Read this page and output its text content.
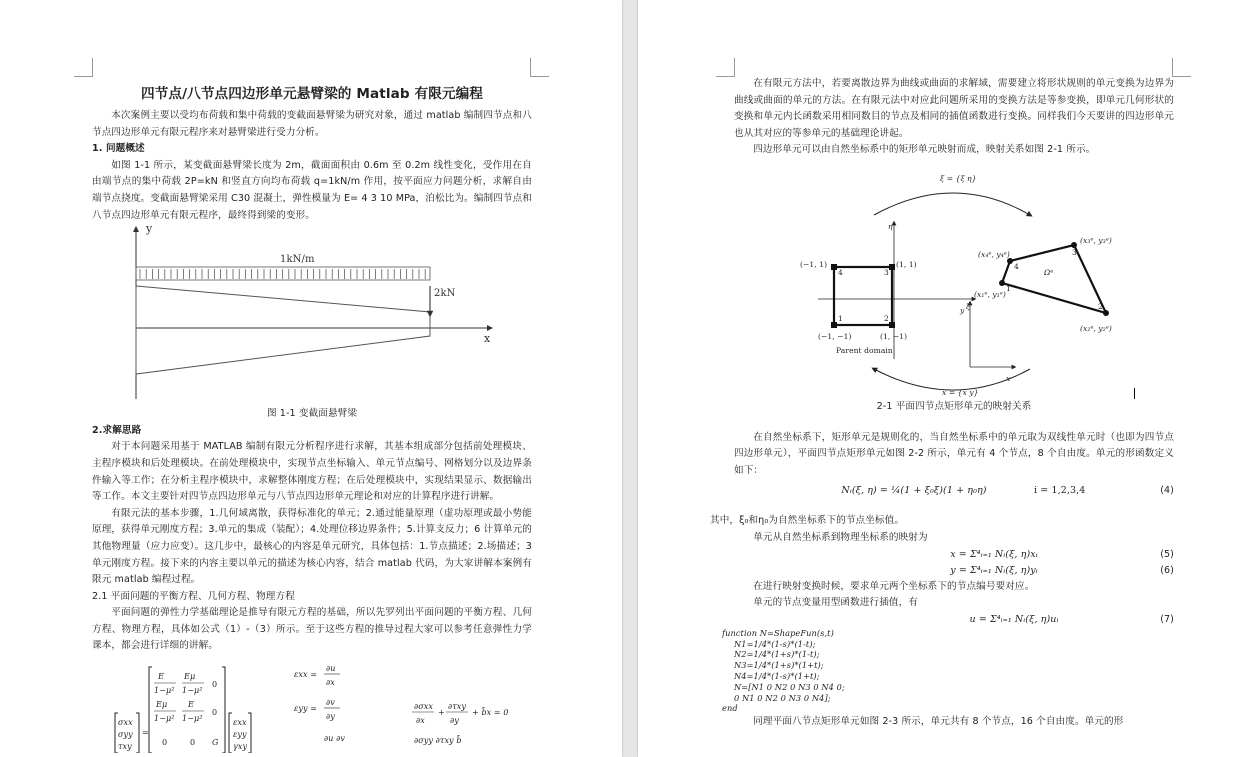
四节点/八节点四边形单元悬臂梁的 Matlab 有限元编程

本次案例主要以受均布荷载和集中荷载的变截面悬臂梁为研究对象，通过 matlab 编制四节点和八节点四边形单元有限元程序来对悬臂梁进行受力分析。

1. 问题概述

如图 1-1 所示，某变截面悬臂梁长度为 2m，截面面积由 0.6m 至 0.2m 线性变化，受作用在自由端节点的集中荷载 2P=kN 和竖直方向均布荷载 q=1kN/m 作用，按平面应力问题分析，求解自由端节点挠度。变截面悬臂梁采用 C30 混凝土，弹性模量为 E= 4 3 10 MPa，泊松比为。编制四节点和八节点四边形单元有限元程序，最终得到梁的变形。

y
x
1kN/m
2kN

图 1-1 变截面悬臂梁

2.求解思路

对于本问题采用基于 MATLAB 编制有限元分析程序进行求解，其基本组成部分包括前处理模块、主程序模块和后处理模块。在前处理模块中，实现节点坐标输入、单元节点编号、网格划分以及边界条件输入等工作；在分析主程序模块中，求解整体刚度方程；在后处理模块中，实现结果显示、数据输出等工作。本文主要针对四节点四边形单元与八节点四边形单元理论和对应的计算程序进行讲解。

有限元法的基本步骤，1.几何域离散，获得标准化的单元；2.通过能量原理（虚功原理或最小势能原理，获得单元刚度方程；3.单元的集成（装配）；4.处理位移边界条件；5.计算支反力；6 计算单元的其他物理量（应力应变）。这几步中，最核心的内容是单元研究，具体包括：1.节点描述；2.场描述；3 单元刚度方程。接下来的内容主要以单元的描述为核心内容，结合 matlab 代码，为大家讲解本案例有限元 matlab 编程过程。

2.1 平面问题的平衡方程、几何方程、物理方程

平面问题的弹性力学基础理论是推导有限元方程的基础，所以先罗列出平面问题的平衡方程、几何方程、物理方程，具体如公式（1）-（3）所示。至于这些方程的推导过程大家可以参考任意弹性力学课本，都会进行详细的讲解。

σxx
σyy
τxy
=
E
1−μ²
Eμ
1−μ²
0
Eμ
1−μ²
E
1−μ²
0
0	0 G
εxx
εyy
γxy
εxx =
∂u
∂x
εyy =
∂v
∂y
∂u ∂v
∂σxx
∂x
+
∂τxy
∂y
+ b̄x = 0
∂σyy ∂τxy b̄

在有限元方法中，若要离散边界为曲线或曲面的求解域，需要建立将形状规则的单元变换为边界为曲线或曲面的单元的方法。在有限元法中对应此问题所采用的变换方法是等参变换，即单元几何形状的变换和单元内长函数采用相同数目的节点及相同的插值函数进行变换。同样我们今天要讲的四边形单元也从其对应的等参单元的基础理论讲起。

四边形单元可以由自然坐标系中的矩形单元映射而成，映射关系如图 2-1 所示。

ξ = {ξ η}
η
ξ
4	3
1	2
(−1, 1)	(1, 1)
(−1, −1)	(1, −1)
Parent domain
y
x
1
2
3
4
Ωᵉ
(x₁ᵉ, y₁ᵉ)
(x₂ᵉ, y₂ᵉ)
(x₃ᵉ, y₃ᵉ)
(x₄ᵉ, y₄ᵉ)
x = {x y}

2-1 平面四节点矩形单元的映射关系

在自然坐标系下，矩形单元是规则化的，当自然坐标系中的单元取为双线性单元时（也即为四节点四边形单元），平面四节点矩形单元如图 2-2 所示，单元有 4 个节点，8 个自由度。单元的形函数定义如下：

Nᵢ(ξ, η) = ¼(1 + ξ₀ξ)(1 + η₀η)	i = 1,2,3,4	(4)

其中，ξ₀和η₀为自然坐标系下的节点坐标值。

单元从自然坐标系到物理坐标系的映射为

x = Σ⁴ᵢ₌₁ Nᵢ(ξ, η)xᵢ	(5)
y = Σ⁴ᵢ₌₁ Nᵢ(ξ, η)yᵢ	(6)

在进行映射变换时候，要求单元两个坐标系下的节点编号要对应。

单元的节点变量用型函数进行插值，有

u = Σ⁴ᵢ₌₁ Nᵢ(ξ, η)uᵢ	(7)
function N=ShapeFun(s,t)
N1=1/4*(1-s)*(1-t);
N2=1/4*(1+s)*(1-t);
N3=1/4*(1+s)*(1+t);
N4=1/4*(1-s)*(1+t);
N=[N1 0 N2 0 N3 0 N4 0;
0 N1 0 N2 0 N3 0 N4];
end

同理平面八节点矩形单元如图 2-3 所示，单元共有 8 个节点，16 个自由度。单元的形
